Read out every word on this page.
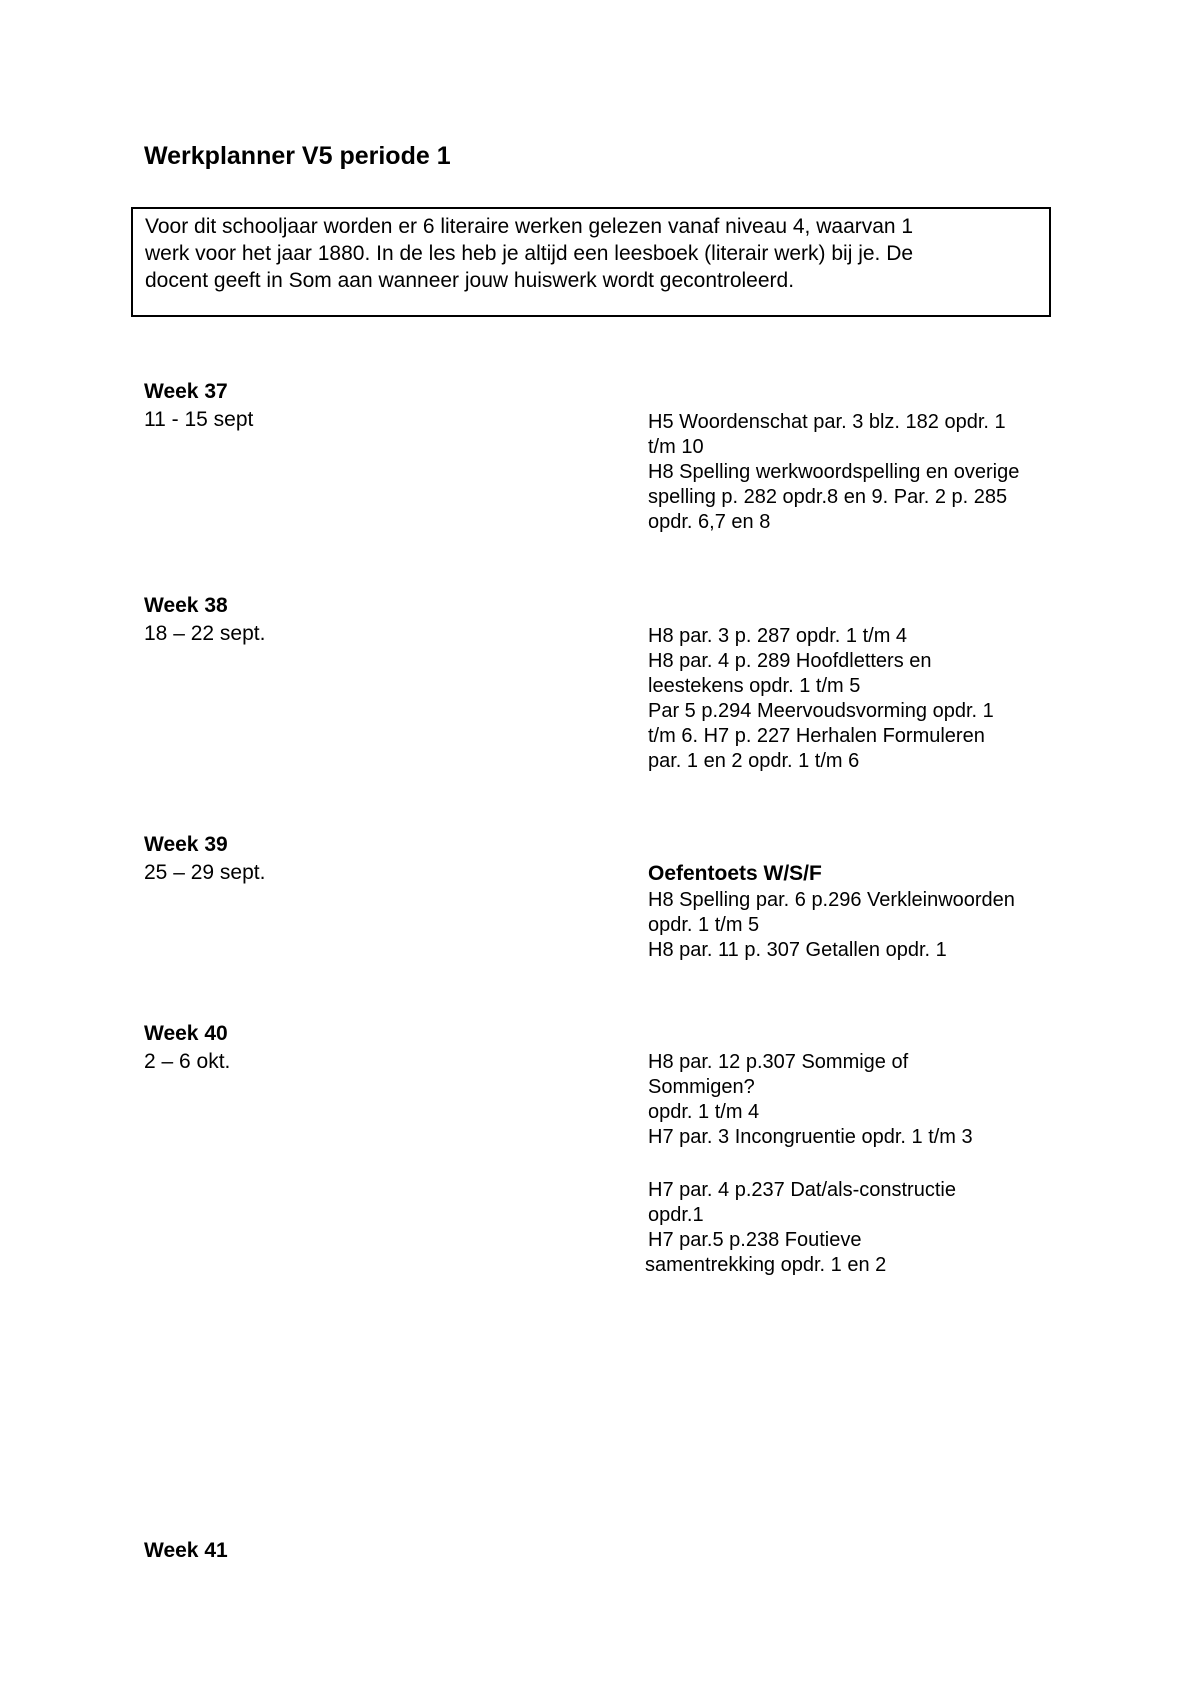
Werkplanner V5 periode 1
Voor dit schooljaar worden er 6 literaire werken gelezen vanaf niveau 4, waarvan 1
werk voor het jaar 1880. In de les heb je altijd een leesboek (literair werk) bij je. De
docent geeft in Som aan wanneer jouw huiswerk wordt gecontroleerd.
Week 37
11 - 15 sept	H5 Woordenschat par. 3 blz. 182 opdr. 1
t/m 10
H8 Spelling werkwoordspelling en overige
spelling p. 282 opdr.8 en 9. Par. 2 p. 285
opdr. 6,7 en 8
Week 38
18 – 22 sept.	H8 par. 3 p. 287 opdr. 1 t/m 4
H8 par. 4 p. 289 Hoofdletters en
leestekens opdr. 1 t/m 5
Par 5 p.294 Meervoudsvorming opdr. 1
t/m 6. H7 p. 227 Herhalen Formuleren
par. 1 en 2 opdr. 1 t/m 6
Week 39
25 – 29 sept.	Oefentoets W/S/F
H8 Spelling par. 6 p.296 Verkleinwoorden
opdr. 1 t/m 5
H8 par. 11 p. 307 Getallen opdr. 1
Week 40
2 – 6 okt.	H8 par. 12 p.307 Sommige of
Sommigen?
opdr. 1 t/m 4
H7 par. 3 Incongruentie opdr. 1 t/m 3
H7 par. 4 p.237 Dat/als-constructie
opdr.1
H7 par.5 p.238 Foutieve
samentrekking opdr. 1 en 2
Week 41
